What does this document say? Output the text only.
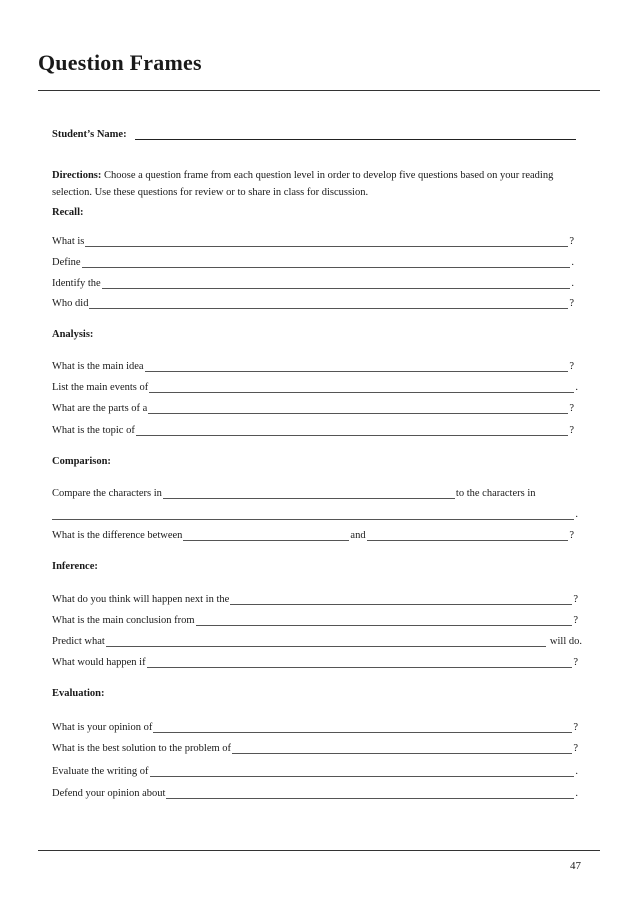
Question Frames
Student’s Name:
Directions: Choose a question frame from each question level in order to develop five questions based on your reading selection. Use these questions for review or to share in class for discussion.
Recall:
What is	?
Define	.
Identify the	.
Who did	?
Analysis:
What is the main idea	?
List the main events of	.
What are the parts of a	?
What is the topic of	?
Comparison:
Compare the characters in	to the characters in
.
What is the difference between	and	?
Inference:
What do you think will happen next in the	?
What is the main conclusion from	?
Predict what	will do.
What would happen if	?
Evaluation:
What is your opinion of	?
What is the best solution to the problem of	?
Evaluate the writing of	.
Defend your opinion about	.
47
